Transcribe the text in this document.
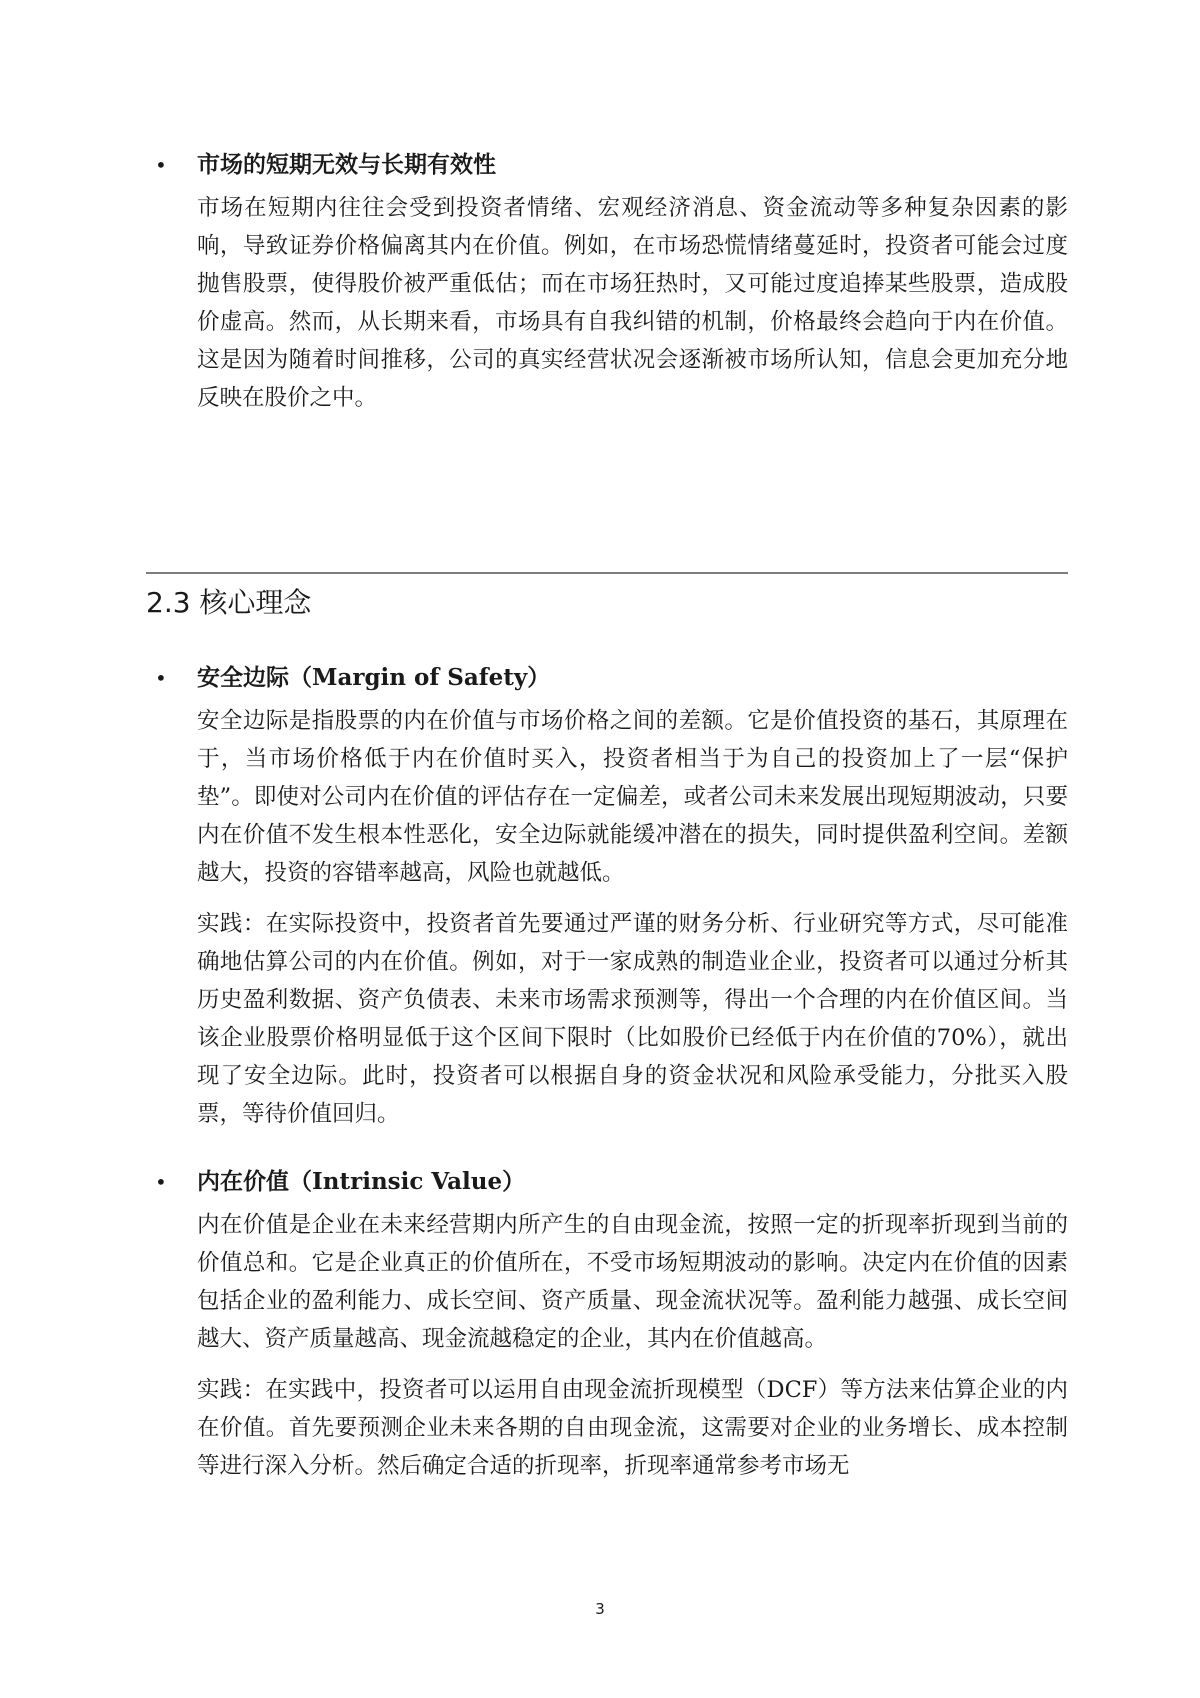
• 市场的短期无效与长期有效性

市场在短期内往往会受到投资者情绪、宏观经济消息、资金流动等多种复杂因素的影响，导致证券价格偏离其内在价值。例如，在市场恐慌情绪蔓延时，投资者可能会过度抛售股票，使得股价被严重低估；而在市场狂热时，又可能过度追捧某些股票，造成股价虚高。然而，从长期来看，市场具有自我纠错的机制，价格最终会趋向于内在价值。这是因为随着时间推移，公司的真实经营状况会逐渐被市场所认知，信息会更加充分地反映在股价之中。

2.3 核心理念
• 安全边际（Margin of Safety）

安全边际是指股票的内在价值与市场价格之间的差额。它是价值投资的基石，其原理在于，当市场价格低于内在价值时买入，投资者相当于为自己的投资加上了一层“保护垫”。即使对公司内在价值的评估存在一定偏差，或者公司未来发展出现短期波动，只要内在价值不发生根本性恶化，安全边际就能缓冲潜在的损失，同时提供盈利空间。差额越大，投资的容错率越高，风险也就越低。

实践：在实际投资中，投资者首先要通过严谨的财务分析、行业研究等方式，尽可能准确地估算公司的内在价值。例如，对于一家成熟的制造业企业，投资者可以通过分析其历史盈利数据、资产负债表、未来市场需求预测等，得出一个合理的内在价值区间。当该企业股票价格明显低于这个区间下限时（比如股价已经低于内在价值的70%），就出现了安全边际。此时，投资者可以根据自身的资金状况和风险承受能力，分批买入股票，等待价值回归。

• 内在价值（Intrinsic Value）

内在价值是企业在未来经营期内所产生的自由现金流，按照一定的折现率折现到当前的价值总和。它是企业真正的价值所在，不受市场短期波动的影响。决定内在价值的因素包括企业的盈利能力、成长空间、资产质量、现金流状况等。盈利能力越强、成长空间越大、资产质量越高、现金流越稳定的企业，其内在价值越高。

实践：在实践中，投资者可以运用自由现金流折现模型（DCF）等方法来估算企业的内在价值。首先要预测企业未来各期的自由现金流，这需要对企业的业务增长、成本控制等进行深入分析。然后确定合适的折现率，折现率通常参考市场无

3
